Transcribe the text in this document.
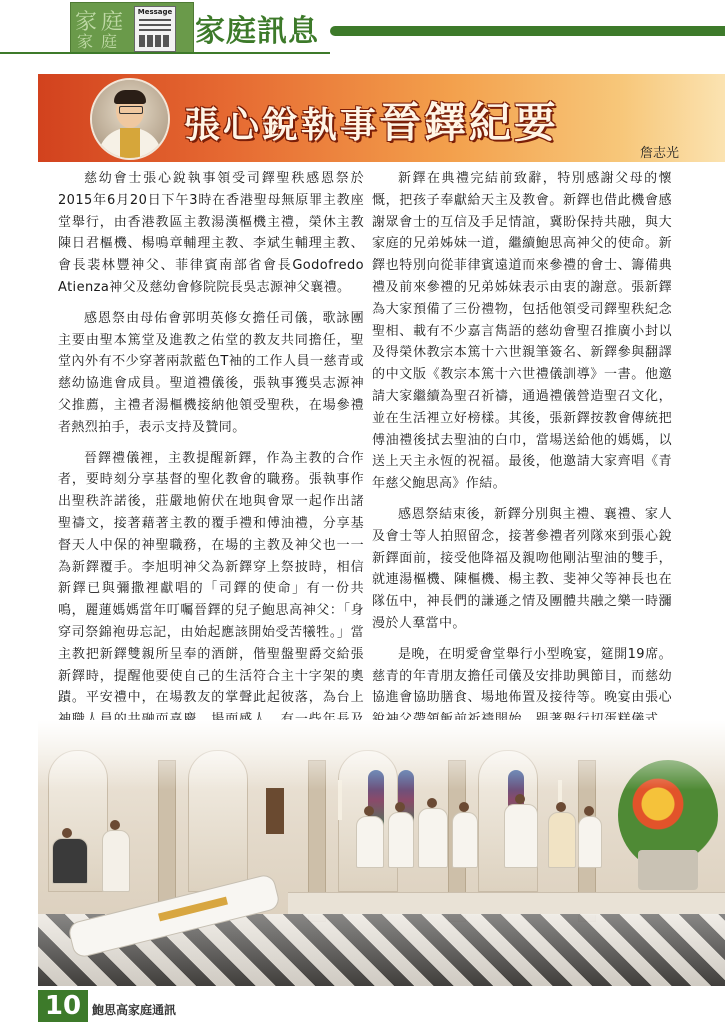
家 庭
家 庭
Message
家庭訊息
張心銳執事晉鐸紀要
詹志光

慈幼會士張心銳執事領受司鐸聖秩感恩祭於2015年6月20日下午3時在香港聖母無原罪主教座堂舉行，由香港教區主教湯漢樞機主禮，榮休主教陳日君樞機、楊鳴章輔理主教、李斌生輔理主教、會長裴林豐神父、菲律賓南部省會長Godofredo Atienza神父及慈幼會修院院長吳志源神父襄禮。

感恩祭由母佑會郭明英修女擔任司儀，歌詠團主要由聖本篤堂及進教之佑堂的教友共同擔任，聖堂內外有不少穿著兩款藍色T袖的工作人員一慈青或慈幼協進會成員。聖道禮儀後，張執事獲吳志源神父推薦，主禮者湯樞機接納他領受聖秩，在場參禮者熱烈拍手，表示支持及贊同。

晉鐸禮儀裡，主教提醒新鐸，作為主教的合作者，要時刻分享基督的聖化教會的職務。張執事作出聖秩許諾後，莊嚴地俯伏在地與會眾一起作出諸聖禱文，接著藉著主教的覆手禮和傅油禮，分享基督天人中保的神聖職務，在場的主教及神父也一一為新鐸覆手。李旭明神父為新鐸穿上祭披時，相信新鐸已與彌撒裡獻唱的「司鐸的使命」有一份共鳴，麗蓮媽媽當年叮囑晉鐸的兒子鮑思高神父：「身穿司祭錦袍毋忘記，由始起應該開始受苦犧牲。」當主教把新鐸雙親所呈奉的酒餅，偕聖盤聖爵交給張新鐸時，提醒他要使自己的生活符合主十字架的奧蹟。平安禮中，在場教友的掌聲此起彼落，為台上

新鐸在典禮完結前致辭，特別感謝父母的懷慨，把孩子奉獻給天主及教會。新鐸也借此機會感謝眾會士的互信及手足情誼，冀盼保持共融，與大家庭的兄弟姊妹一道，繼續鮑思高神父的使命。新鐸也特別向從菲律賓遠道而來參禮的會士、籌備典禮及前來參禮的兄弟姊妹表示由衷的謝意。張新鐸為大家預備了三份禮物，包括他領受司鐸聖秩紀念聖相、載有不少嘉言雋語的慈幼會聖召推廣小封以及得榮休教宗本篤十六世親筆簽名、新鐸參與翻譯的中文版《教宗本篤十六世禮儀訓導》一書。他邀請大家繼續為聖召祈禱，通過禮儀營造聖召文化，並在生活裡立好榜樣。其後，張新鐸按教會傳統把傅油禮後拭去聖油的白巾，當場送給他的媽媽，以送上天主永恆的祝福。最後，他邀請大家齊唱《青年慈父鮑思高》作結。

感恩祭結束後，新鐸分別與主禮、襄禮、家人及會士等人拍照留念，接著參禮者列隊來到張心銳新鐸面前，接受他降福及親吻他剛沾聖油的雙手，就連湯樞機、陳樞機、楊主教、斐神父等神長也在隊伍中，神長們的謙遜之情及團體共融之樂一時瀰漫於人羣當中。

是晚，在明愛會堂舉行小型晚宴，筵開19席。慈青的年青朋友擔任司儀及安排助興節目，而慈幼協進會協助膳食、場地佈置及接待等。晚宴由張心

10 鮑思高家庭通訊
